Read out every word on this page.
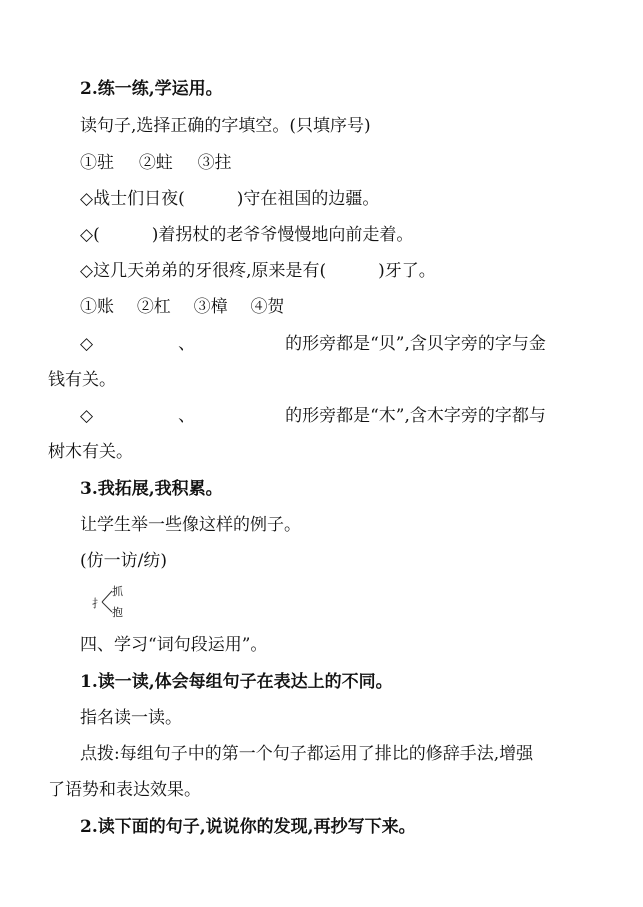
2.练一练,学运用。
读句子,选择正确的字填空。(只填序号)
①驻 ②蛀 ③拄
◇战士们日夜(	)守在祖国的边疆。
◇(	)着拐杖的老爷爷慢慢地向前走着。
◇这几天弟弟的牙很疼,原来是有(	)牙了。
①账 ②杠 ③樟 ④贺
◇	、	的形旁都是“贝”,含贝字旁的字与金
钱有关。
◇	、	的形旁都是“木”,含木字旁的字都与
树木有关。
3.我拓展,我积累。
让学生举一些像这样的例子。
(仿一访/纺)
扌
抓
抱
四、学习“词句段运用”。
1.读一读,体会每组句子在表达上的不同。
指名读一读。
点拨:每组句子中的第一个句子都运用了排比的修辞手法,增强
了语势和表达效果。
2.读下面的句子,说说你的发现,再抄写下来。
